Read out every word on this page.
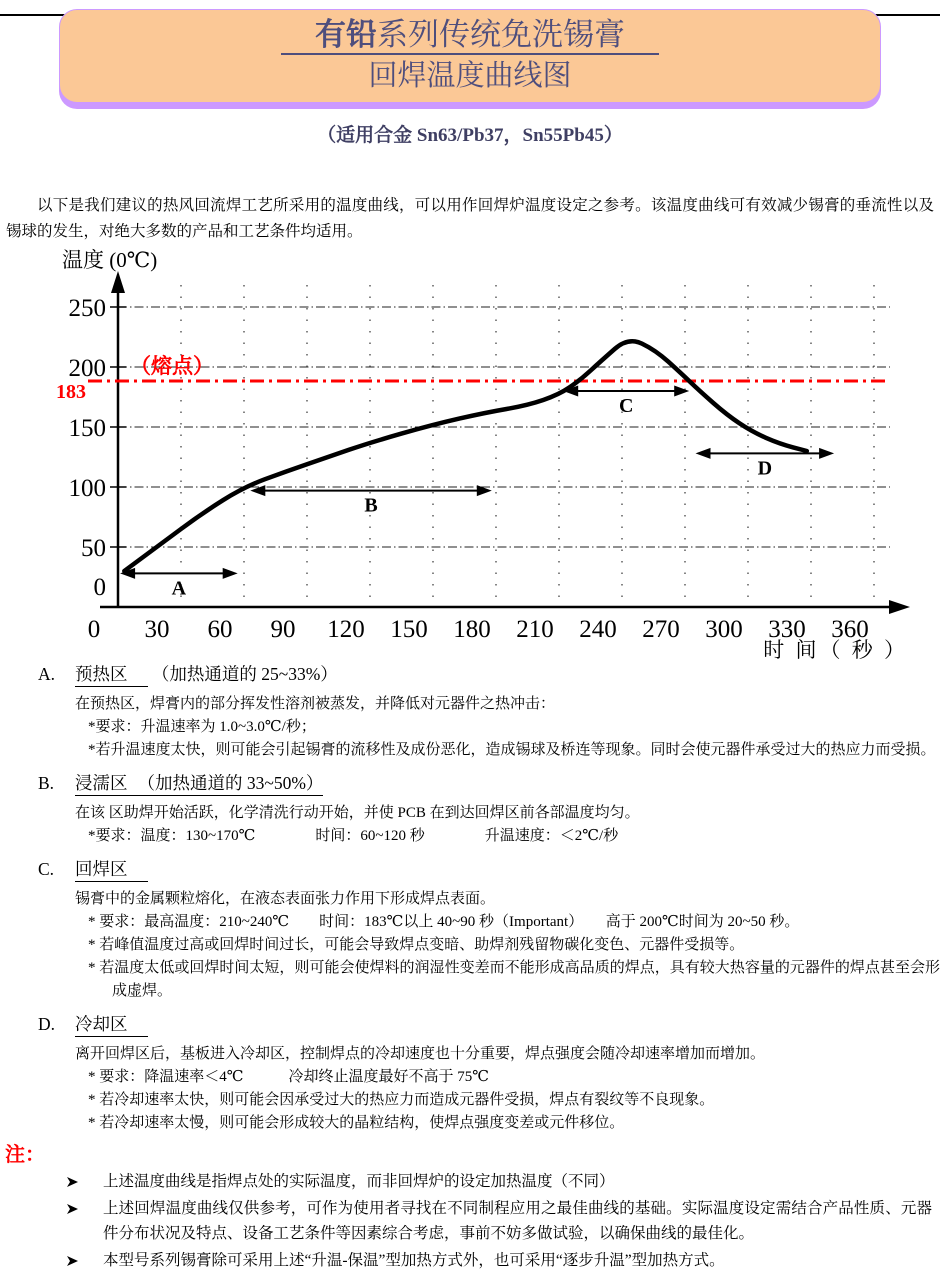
有铅系列传统免洗锡膏
回焊温度曲线图
（适用合金 Sn63/Pb37，Sn55Pb45）
以下是我们建议的热风回流焊工艺所采用的温度曲线，可以用作回焊炉温度设定之参考。该温度曲线可有效减少锡膏的垂流性以及锡球的发生，对绝大多数的产品和工艺条件均适用。
0
50
100
150
200
250
0 30 60 90 120 150 180 210 240 270 300 330 360
（熔点）
183
A
B
C
D
温度 (0℃)
时 间（ 秒 ）
A. 预热区 （加热通道的 25~33%）
在预热区，焊膏内的部分挥发性溶剂被蒸发，并降低对元器件之热冲击：
*要求：升温速率为 1.0~3.0℃/秒；
*若升温速度太快，则可能会引起锡膏的流移性及成份恶化，造成锡球及桥连等现象。同时会使元器件承受过大的热应力而受损。
B. 浸濡区 （加热通道的 33~50%）
在该 区助焊开始活跃，化学清洗行动开始，并使 PCB 在到达回焊区前各部温度均匀。
*要求：温度：130~170℃　　　　时间：60~120 秒　　　　升温速度：＜2℃/秒
C. 回焊区
锡膏中的金属颗粒熔化，在液态表面张力作用下形成焊点表面。
* 要求：最高温度：210~240℃　　时间：183℃以上 40~90 秒（Important）　　高于 200℃时间为 20~50 秒。
* 若峰值温度过高或回焊时间过长，可能会导致焊点变暗、助焊剂残留物碳化变色、元器件受损等。
* 若温度太低或回焊时间太短，则可能会使焊料的润湿性变差而不能形成高品质的焊点，具有较大热容量的元器件的焊点甚至会形成虚焊。
D. 冷却区
离开回焊区后，基板进入冷却区，控制焊点的冷却速度也十分重要，焊点强度会随冷却速率增加而增加。
* 要求：降温速率＜4℃　　　冷却终止温度最好不高于 75℃
* 若冷却速率太快，则可能会因承受过大的热应力而造成元器件受损，焊点有裂纹等不良现象。
* 若冷却速率太慢，则可能会形成较大的晶粒结构，使焊点强度变差或元件移位。
注：
上述温度曲线是指焊点处的实际温度，而非回焊炉的设定加热温度（不同）
上述回焊温度曲线仅供参考，可作为使用者寻找在不同制程应用之最佳曲线的基础。实际温度设定需结合产品性质、元器件分布状况及特点、设备工艺条件等因素综合考虑，事前不妨多做试验，以确保曲线的最佳化。
本型号系列锡膏除可采用上述“升温-保温”型加热方式外，也可采用“逐步升温”型加热方式。
